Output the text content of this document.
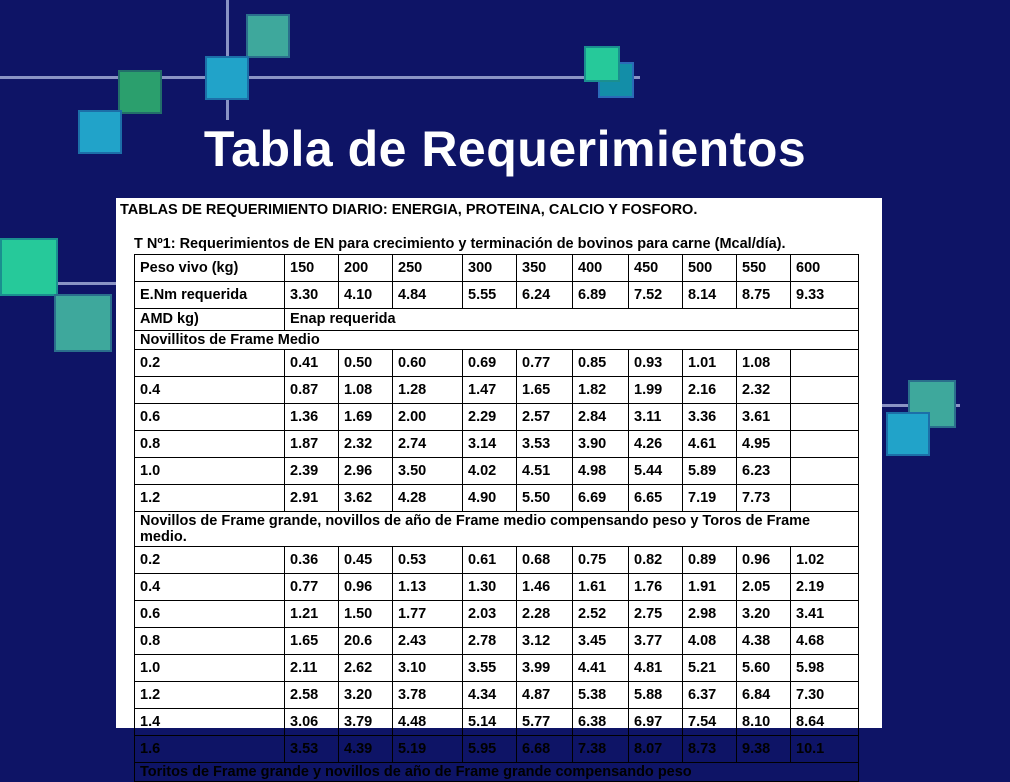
Tabla de Requerimientos
TABLAS DE REQUERIMIENTO DIARIO: ENERGIA, PROTEINA, CALCIO Y FOSFORO.
T Nº1: Requerimientos de EN para crecimiento y terminación de bovinos para carne (Mcal/día).
Peso vivo (kg)	150	200	250	300	350	400	450	500	550	600
E.Nm requerida	3.30	4.10	4.84	5.55	6.24	6.89	7.52	8.14	8.75	9.33
AMD kg)	Enap requerida									
Novillitos de Frame Medio										
0.2	0.41	0.50	0.60	0.69	0.77	0.85	0.93	1.01	1.08	
0.4	0.87	1.08	1.28	1.47	1.65	1.82	1.99	2.16	2.32	
0.6	1.36	1.69	2.00	2.29	2.57	2.84	3.11	3.36	3.61	
0.8	1.87	2.32	2.74	3.14	3.53	3.90	4.26	4.61	4.95	
1.0	2.39	2.96	3.50	4.02	4.51	4.98	5.44	5.89	6.23	
1.2	2.91	3.62	4.28	4.90	5.50	6.69	6.65	7.19	7.73	
Novillos de Frame grande, novillos de año de Frame medio compensando peso y Toros de Frame medio.										
0.2	0.36	0.45	0.53	0.61	0.68	0.75	0.82	0.89	0.96	1.02
0.4	0.77	0.96	1.13	1.30	1.46	1.61	1.76	1.91	2.05	2.19
0.6	1.21	1.50	1.77	2.03	2.28	2.52	2.75	2.98	3.20	3.41
0.8	1.65	20.6	2.43	2.78	3.12	3.45	3.77	4.08	4.38	4.68
1.0	2.11	2.62	3.10	3.55	3.99	4.41	4.81	5.21	5.60	5.98
1.2	2.58	3.20	3.78	4.34	4.87	5.38	5.88	6.37	6.84	7.30
1.4	3.06	3.79	4.48	5.14	5.77	6.38	6.97	7.54	8.10	8.64
1.6	3.53	4.39	5.19	5.95	6.68	7.38	8.07	8.73	9.38	10.1
Toritos de Frame grande y novillos de año de Frame grande compensando peso										
